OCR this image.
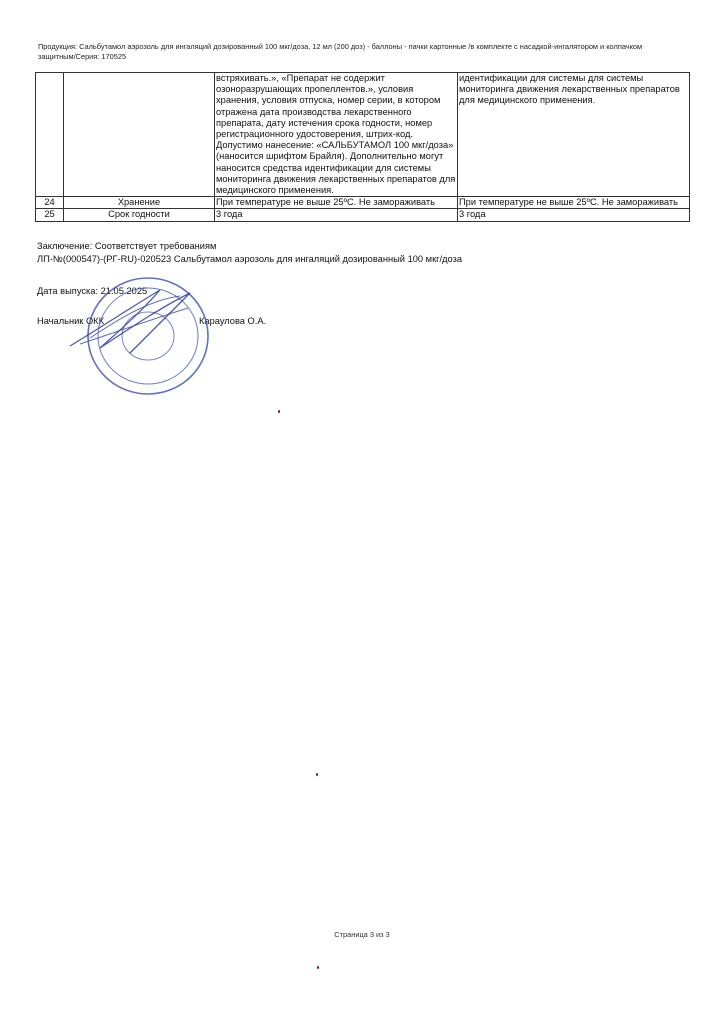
Продукция: Сальбутамол аэрозоль для ингаляций дозированный 100 мкг/доза, 12 мл (200 доз) - баллоны - пачки картонные /в комплекте с насадкой-ингалятором и колпачком защитным/Серия: 170525
		встряхивать.», «Препарат не содержит озоноразрушающих пропеллентов.», условия хранения, условия отпуска, номер серии, в котором отражена дата производства лекарственного препарата, дату истечения срока годности, номер регистрационного удостоверения, штрих-код. Допустимо нанесение: «САЛЬБУТАМОЛ 100 мкг/доза» (наносится шрифтом Брайля). Дополнительно могут наносится средства идентификации для системы мониторинга движения лекарственных препаратов для медицинского применения.	идентификации для системы для системы мониторинга движения лекарственных препаратов для медицинского применения.
24	Хранение	При температуре не выше 25ºC. Не замораживать	При температуре не выше 25ºC. Не замораживать
25	Срок годности	3 года	3 года
Заключение: Соответствует требованиям
ЛП-№(000547)-(РГ-RU)-020523 Сальбутамол аэрозоль для ингаляций дозированный 100 мкг/доза
Дата выпуска: 21.05.2025
Начальник ОКК	Караулова О.А.
Страница 3 из 3
